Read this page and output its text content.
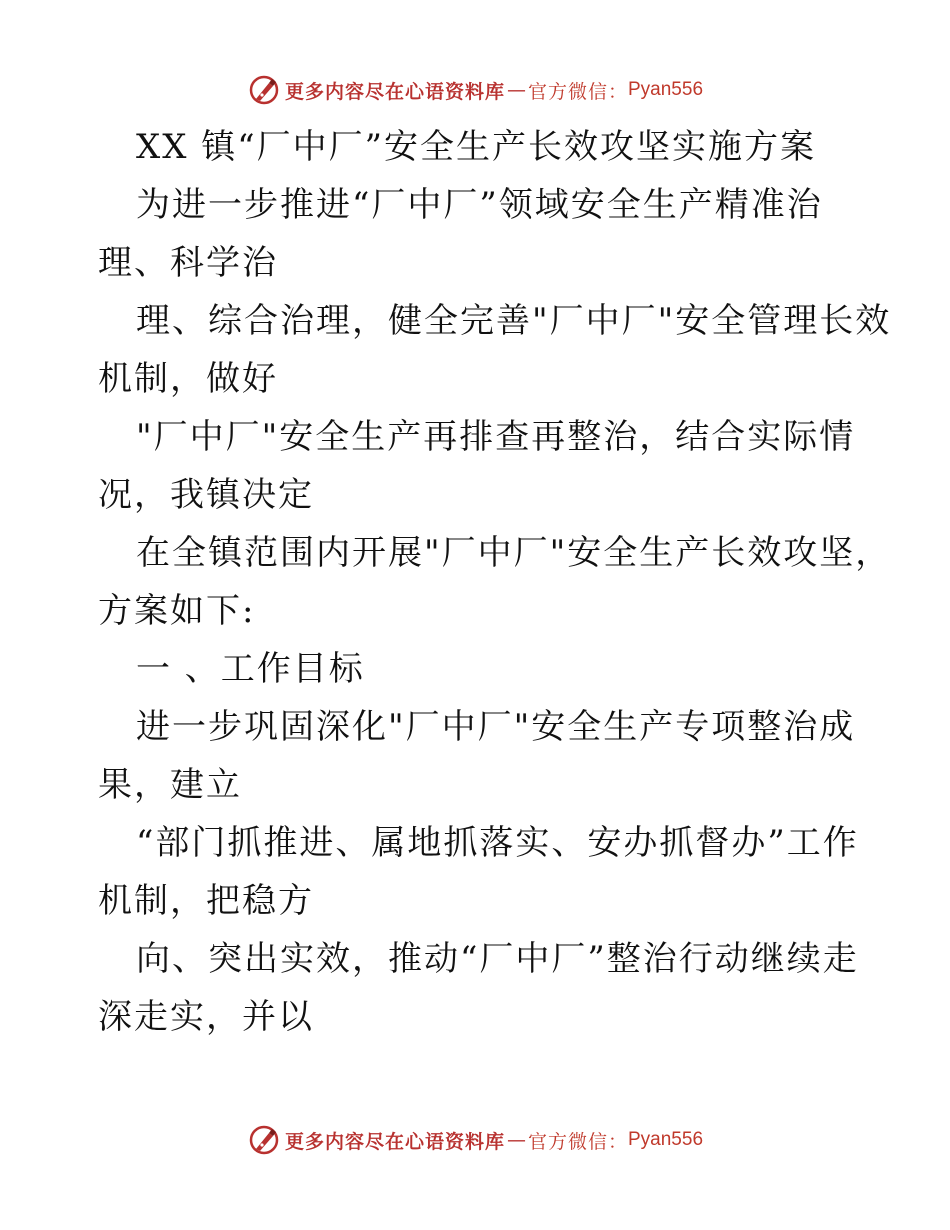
更多内容尽在心语资料库 — 官方微信： Pyan556
XX 镇“厂中厂”安全生产长效攻坚实施方案
为进一步推进“厂中厂”领域安全生产精准治
理、科学治
理、综合治理，健全完善"厂中厂"安全管理长效
机制，做好
"厂中厂"安全生产再排查再整治，结合实际情
况，我镇决定
在全镇范围内开展"厂中厂"安全生产长效攻坚，
方案如下:
一 、工作目标
进一步巩固深化"厂中厂"安全生产专项整治成
果，建立
“部门抓推进、属地抓落实、安办抓督办”工作
机制，把稳方
向、突出实效，推动“厂中厂”整治行动继续走
深走实，并以
更多内容尽在心语资料库 — 官方微信： Pyan556
